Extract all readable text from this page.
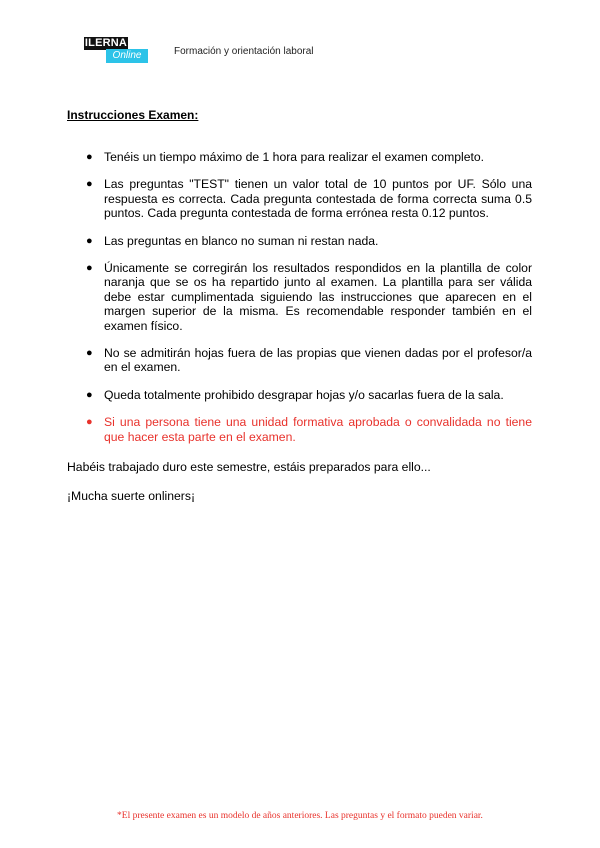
ILERNA
Online	Formación y orientación laboral
Instrucciones Examen:
● Tenéis un tiempo máximo de 1 hora para realizar el examen completo.
● Las preguntas "TEST" tienen un valor total de 10 puntos por UF. Sólo una respuesta es correcta. Cada pregunta contestada de forma correcta suma 0.5 puntos. Cada pregunta contestada de forma errónea resta 0.12 puntos.
● Las preguntas en blanco no suman ni restan nada.
● Únicamente se corregirán los resultados respondidos en la plantilla de color naranja que se os ha repartido junto al examen. La plantilla para ser válida debe estar cumplimentada siguiendo las instrucciones que aparecen en el margen superior de la misma. Es recomendable responder también en el examen físico.
● No se admitirán hojas fuera de las propias que vienen dadas por el profesor/a en el examen.
● Queda totalmente prohibido desgrapar hojas y/o sacarlas fuera de la sala.
● Si una persona tiene una unidad formativa aprobada o convalidada no tiene que hacer esta parte en el examen.
Habéis trabajado duro este semestre, estáis preparados para ello...
¡Mucha suerte onliners¡
*El presente examen es un modelo de años anteriores. Las preguntas y el formato pueden variar.
